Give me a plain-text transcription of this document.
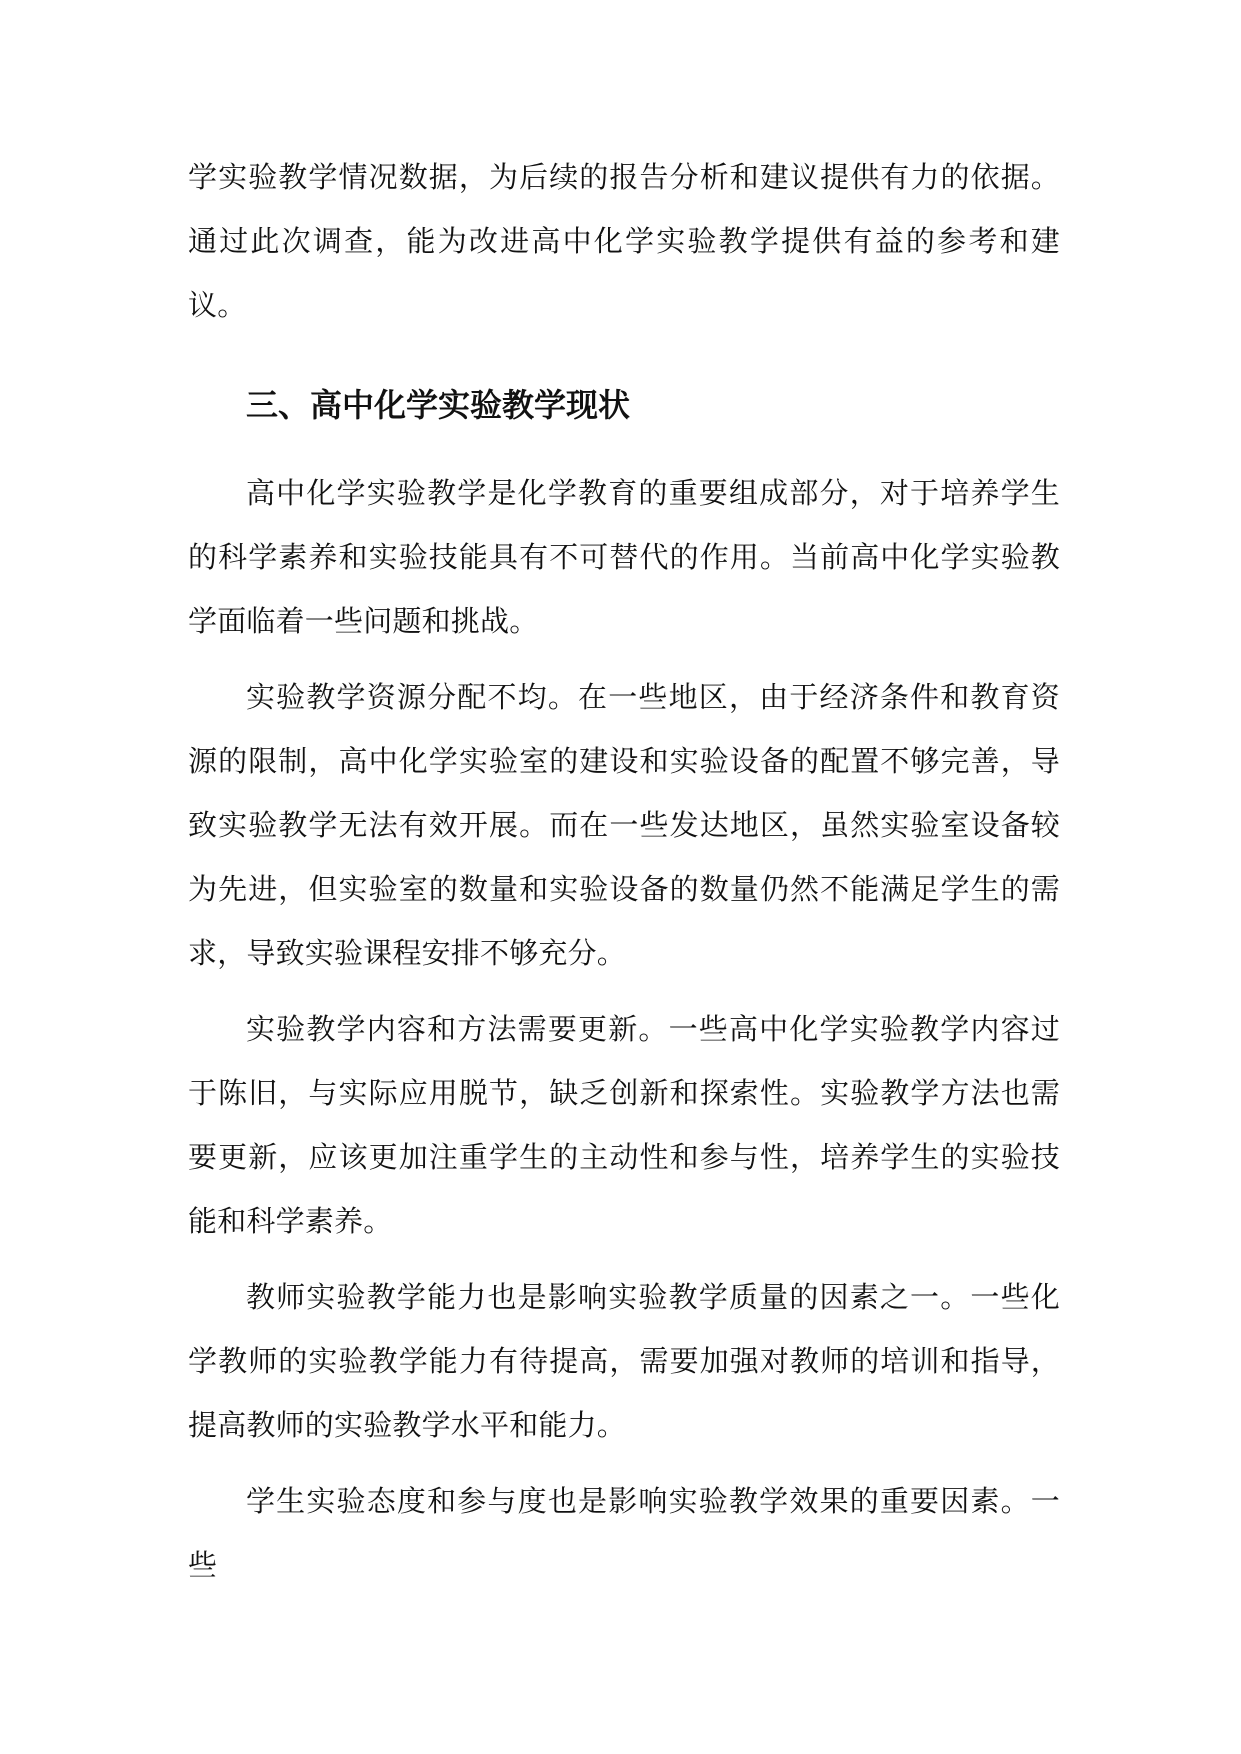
学实验教学情况数据，为后续的报告分析和建议提供有力的依据。通过此次调查，能为改进高中化学实验教学提供有益的参考和建议。

三、高中化学实验教学现状

高中化学实验教学是化学教育的重要组成部分，对于培养学生的科学素养和实验技能具有不可替代的作用。当前高中化学实验教学面临着一些问题和挑战。

实验教学资源分配不均。在一些地区，由于经济条件和教育资源的限制，高中化学实验室的建设和实验设备的配置不够完善，导致实验教学无法有效开展。而在一些发达地区，虽然实验室设备较为先进，但实验室的数量和实验设备的数量仍然不能满足学生的需求，导致实验课程安排不够充分。

实验教学内容和方法需要更新。一些高中化学实验教学内容过于陈旧，与实际应用脱节，缺乏创新和探索性。实验教学方法也需要更新，应该更加注重学生的主动性和参与性，培养学生的实验技能和科学素养。

教师实验教学能力也是影响实验教学质量的因素之一。一些化学教师的实验教学能力有待提高，需要加强对教师的培训和指导，提高教师的实验教学水平和能力。

学生实验态度和参与度也是影响实验教学效果的重要因素。一些
